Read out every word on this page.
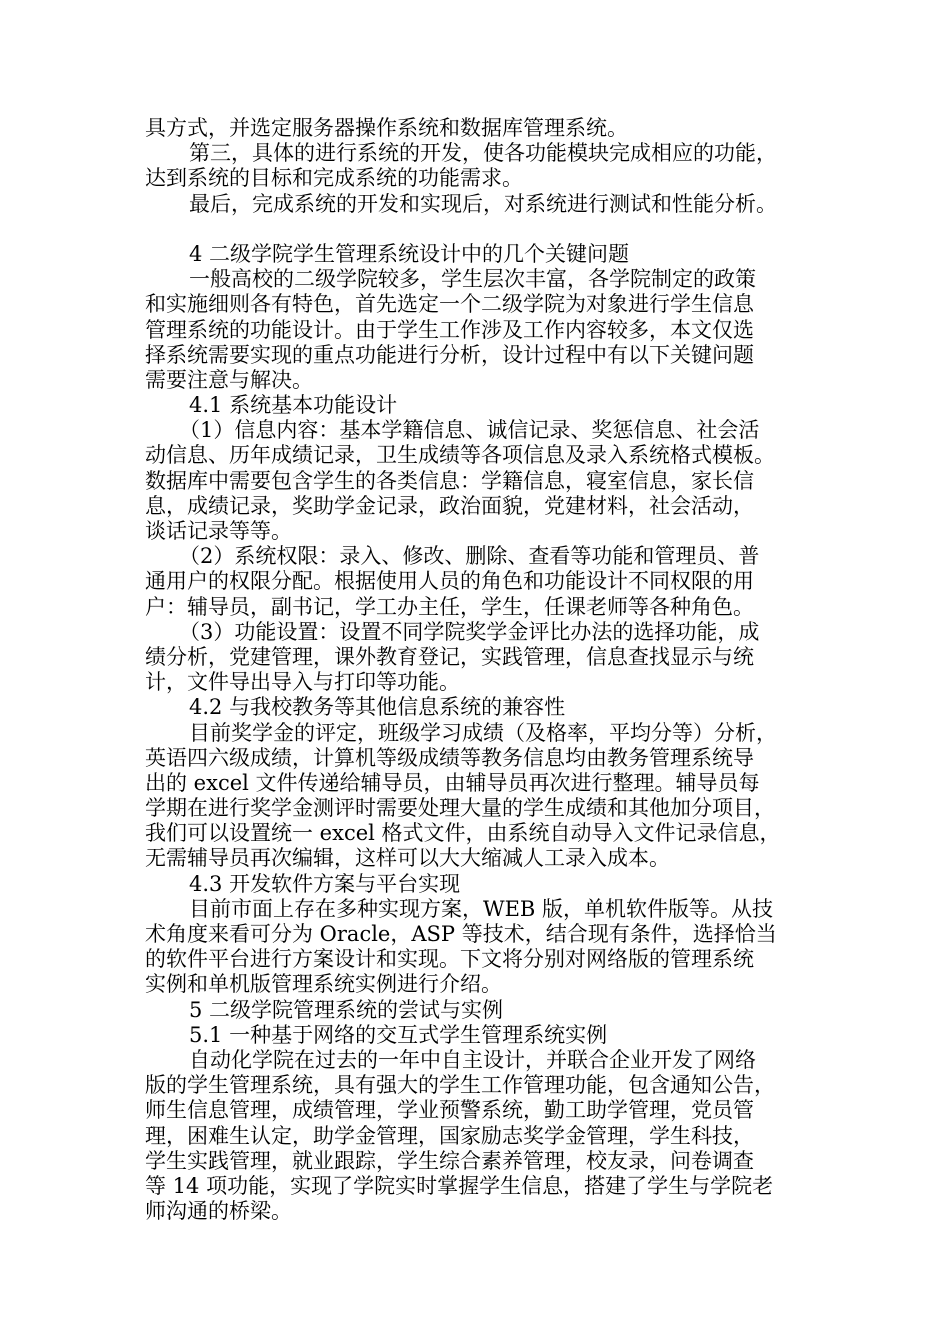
具方式，并选定服务器操作系统和数据库管理系统。
第三，具体的进行系统的开发，使各功能模块完成相应的功能，
达到系统的目标和完成系统的功能需求。
最后，完成系统的开发和实现后，对系统进行测试和性能分析。
4 二级学院学生管理系统设计中的几个关键问题
一般高校的二级学院较多，学生层次丰富，各学院制定的政策
和实施细则各有特色，首先选定一个二级学院为对象进行学生信息
管理系统的功能设计。由于学生工作涉及工作内容较多，本文仅选
择系统需要实现的重点功能进行分析，设计过程中有以下关键问题
需要注意与解决。
4.1 系统基本功能设计
（1）信息内容：基本学籍信息、诚信记录、奖惩信息、社会活
动信息、历年成绩记录，卫生成绩等各项信息及录入系统格式模板。
数据库中需要包含学生的各类信息：学籍信息，寝室信息，家长信
息，成绩记录，奖助学金记录，政治面貌，党建材料，社会活动，
谈话记录等等。
（2）系统权限：录入、修改、删除、查看等功能和管理员、普
通用户的权限分配。根据使用人员的角色和功能设计不同权限的用
户：辅导员，副书记，学工办主任，学生，任课老师等各种角色。
（3）功能设置：设置不同学院奖学金评比办法的选择功能，成
绩分析，党建管理，课外教育登记，实践管理，信息查找显示与统
计，文件导出导入与打印等功能。
4.2 与我校教务等其他信息系统的兼容性
目前奖学金的评定，班级学习成绩（及格率，平均分等）分析，
英语四六级成绩，计算机等级成绩等教务信息均由教务管理系统导
出的 excel 文件传递给辅导员，由辅导员再次进行整理。辅导员每
学期在进行奖学金测评时需要处理大量的学生成绩和其他加分项目，
我们可以设置统一 excel 格式文件，由系统自动导入文件记录信息，
无需辅导员再次编辑，这样可以大大缩减人工录入成本。
4.3 开发软件方案与平台实现
目前市面上存在多种实现方案，WEB 版，单机软件版等。从技
术角度来看可分为 Oracle，ASP 等技术，结合现有条件，选择恰当
的软件平台进行方案设计和实现。下文将分别对网络版的管理系统
实例和单机版管理系统实例进行介绍。
5 二级学院管理系统的尝试与实例
5.1 一种基于网络的交互式学生管理系统实例
自动化学院在过去的一年中自主设计，并联合企业开发了网络
版的学生管理系统，具有强大的学生工作管理功能，包含通知公告，
师生信息管理，成绩管理，学业预警系统，勤工助学管理，党员管
理，困难生认定，助学金管理，国家励志奖学金管理，学生科技，
学生实践管理，就业跟踪，学生综合素养管理，校友录，问卷调查
等 14 项功能，实现了学院实时掌握学生信息，搭建了学生与学院老
师沟通的桥梁。
